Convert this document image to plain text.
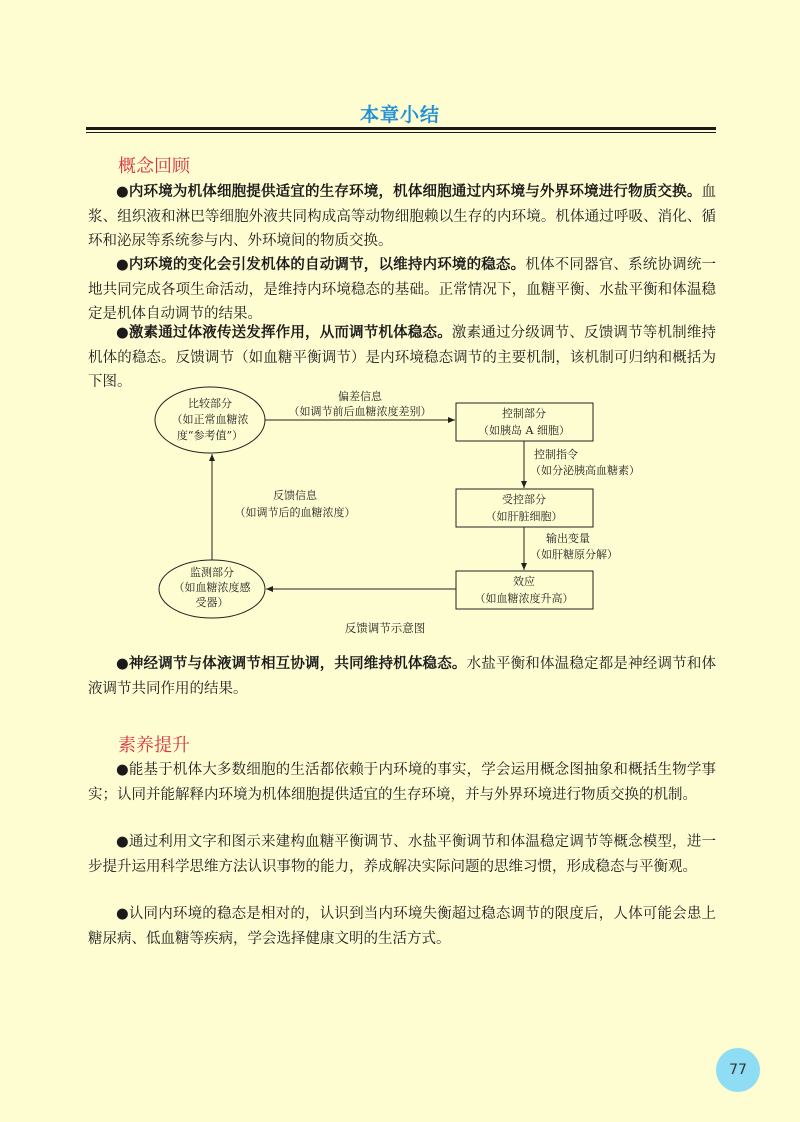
本章小结
概念回顾
●内环境为机体细胞提供适宜的生存环境，机体细胞通过内环境与外界环境进行物质交换。血浆、组织液和淋巴等细胞外液共同构成高等动物细胞赖以生存的内环境。机体通过呼吸、消化、循环和泌尿等系统参与内、外环境间的物质交换。
●内环境的变化会引发机体的自动调节，以维持内环境的稳态。机体不同器官、系统协调统一地共同完成各项生命活动，是维持内环境稳态的基础。正常情况下，血糖平衡、水盐平衡和体温稳定是机体自动调节的结果。
●激素通过体液传送发挥作用，从而调节机体稳态。激素通过分级调节、反馈调节等机制维持机体的稳态。反馈调节（如血糖平衡调节）是内环境稳态调节的主要机制，该机制可归纳和概括为下图。
比较部分
（如正常血糖浓
度“参考值”）
控制部分
（如胰岛 A 细胞）
偏差信息
（如调节前后血糖浓度差别）
控制指令
（如分泌胰高血糖素）
受控部分
（如肝脏细胞）
输出变量
（如肝糖原分解）
效应
（如血糖浓度升高）
监测部分
（如血糖浓度感
受器）
反馈信息
（如调节后的血糖浓度）
反馈调节示意图
●神经调节与体液调节相互协调，共同维持机体稳态。水盐平衡和体温稳定都是神经调节和体液调节共同作用的结果。
素养提升
●能基于机体大多数细胞的生活都依赖于内环境的事实，学会运用概念图抽象和概括生物学事实；认同并能解释内环境为机体细胞提供适宜的生存环境，并与外界环境进行物质交换的机制。
●通过利用文字和图示来建构血糖平衡调节、水盐平衡调节和体温稳定调节等概念模型，进一步提升运用科学思维方法认识事物的能力，养成解决实际问题的思维习惯，形成稳态与平衡观。
●认同内环境的稳态是相对的，认识到当内环境失衡超过稳态调节的限度后，人体可能会患上糖尿病、低血糖等疾病，学会选择健康文明的生活方式。
77
